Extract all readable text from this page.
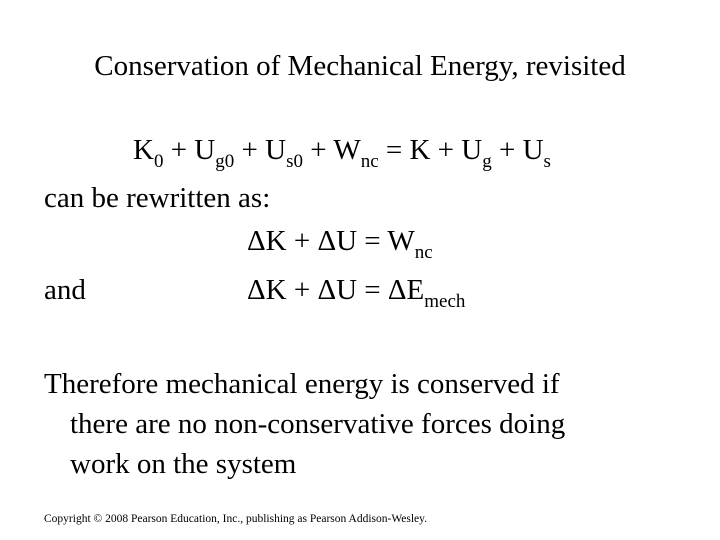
Conservation of Mechanical Energy, revisited
$K_0 + U_{g0} + U_{s0} + W_{nc} = K + U_g + U_s$
can be rewritten as:
$\Delta K + \Delta U = W_{nc}$
and	$\Delta K + \Delta U = \Delta E_{mech}$
Therefore mechanical energy is conserved if
there are no non-conservative forces doing
work on the system
Copyright © 2008 Pearson Education, Inc., publishing as Pearson Addison-Wesley.
